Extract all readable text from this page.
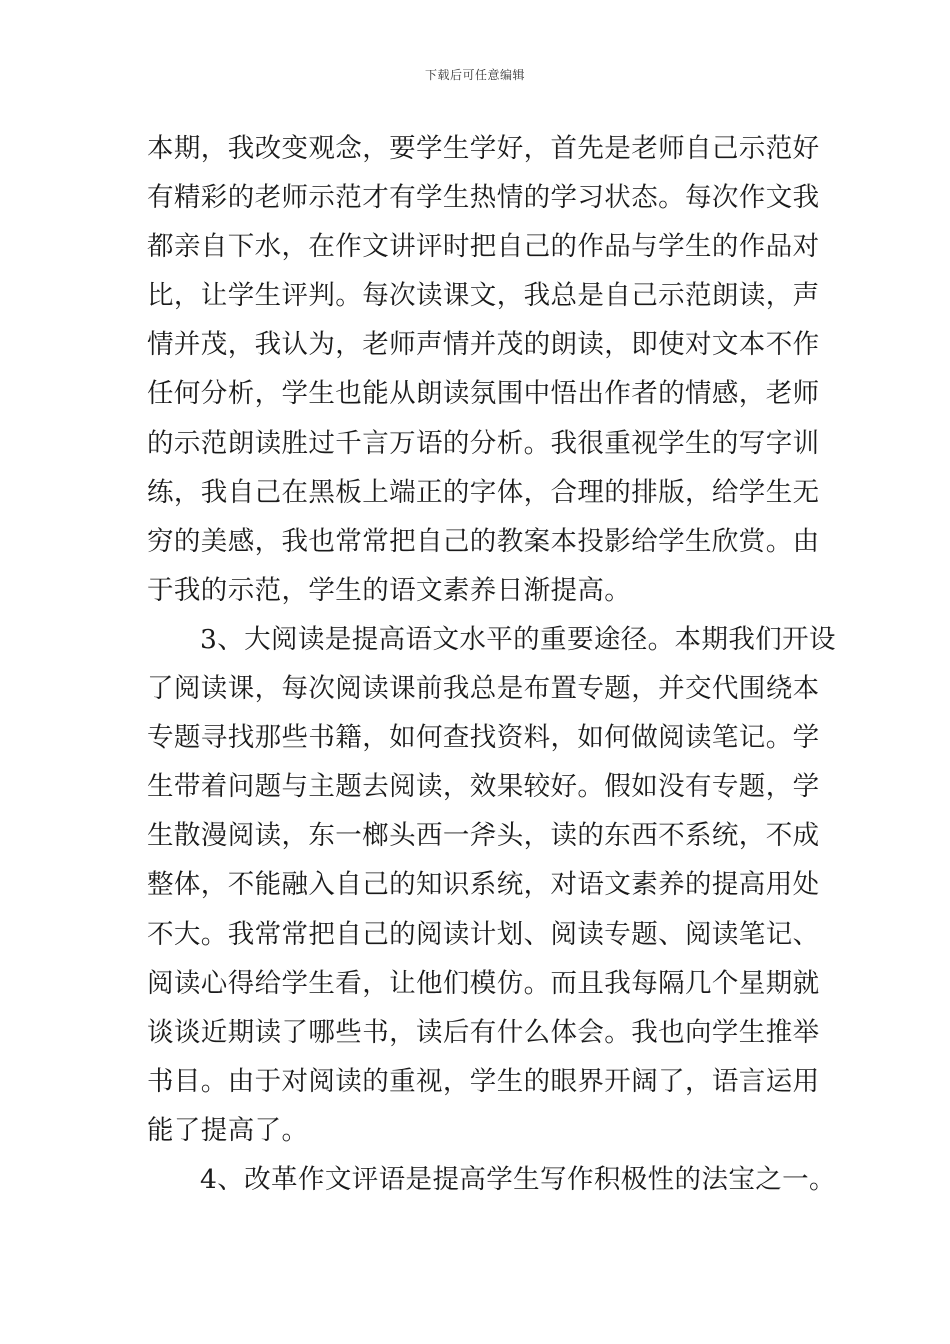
下载后可任意编辑
本期，我改变观念，要学生学好，首先是老师自己示范好
有精彩的老师示范才有学生热情的学习状态。每次作文我
都亲自下水，在作文讲评时把自己的作品与学生的作品对
比，让学生评判。每次读课文，我总是自己示范朗读，声
情并茂，我认为，老师声情并茂的朗读，即使对文本不作
任何分析，学生也能从朗读氛围中悟出作者的情感，老师
的示范朗读胜过千言万语的分析。我很重视学生的写字训
练，我自己在黑板上端正的字体，合理的排版，给学生无
穷的美感，我也常常把自己的教案本投影给学生欣赏。由
于我的示范，学生的语文素养日渐提高。
3、大阅读是提高语文水平的重要途径。本期我们开设
了阅读课，每次阅读课前我总是布置专题，并交代围绕本
专题寻找那些书籍，如何查找资料，如何做阅读笔记。学
生带着问题与主题去阅读，效果较好。假如没有专题，学
生散漫阅读，东一榔头西一斧头，读的东西不系统，不成
整体，不能融入自己的知识系统，对语文素养的提高用处
不大。我常常把自己的阅读计划、阅读专题、阅读笔记、
阅读心得给学生看，让他们模仿。而且我每隔几个星期就
谈谈近期读了哪些书，读后有什么体会。我也向学生推举
书目。由于对阅读的重视，学生的眼界开阔了，语言运用
能了提高了。
4、改革作文评语是提高学生写作积极性的法宝之一。
